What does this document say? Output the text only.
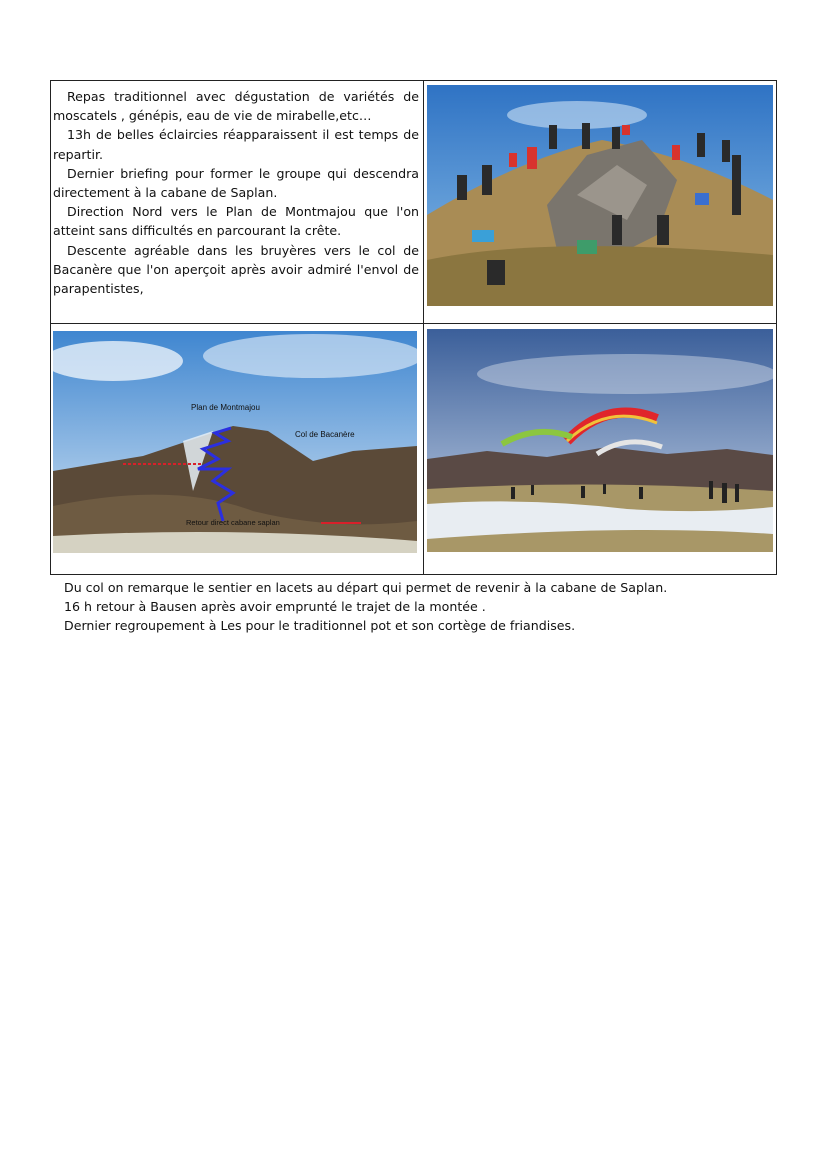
Repas traditionnel avec dégustation de variétés de moscatels , génépis, eau de vie de mirabelle,etc…

13h de belles éclaircies réapparaissent il est temps de repartir.

Dernier briefing pour former le groupe qui descendra directement à la cabane de Saplan.

Direction Nord vers le Plan de Montmajou que l'on atteint sans difficultés en parcourant la crête.

Descente agréable dans les bruyères vers le col de Bacanère que l'on aperçoit après avoir admiré l'envol de parapentistes,

Plan de Montmajou
Col de Bacanère
Retour direct cabane saplan

Du col on remarque le sentier en lacets au départ qui permet de revenir à la cabane de Saplan.

16 h retour à Bausen après avoir emprunté le trajet de la montée .

Dernier regroupement à Les pour le traditionnel pot et son cortège de friandises.
